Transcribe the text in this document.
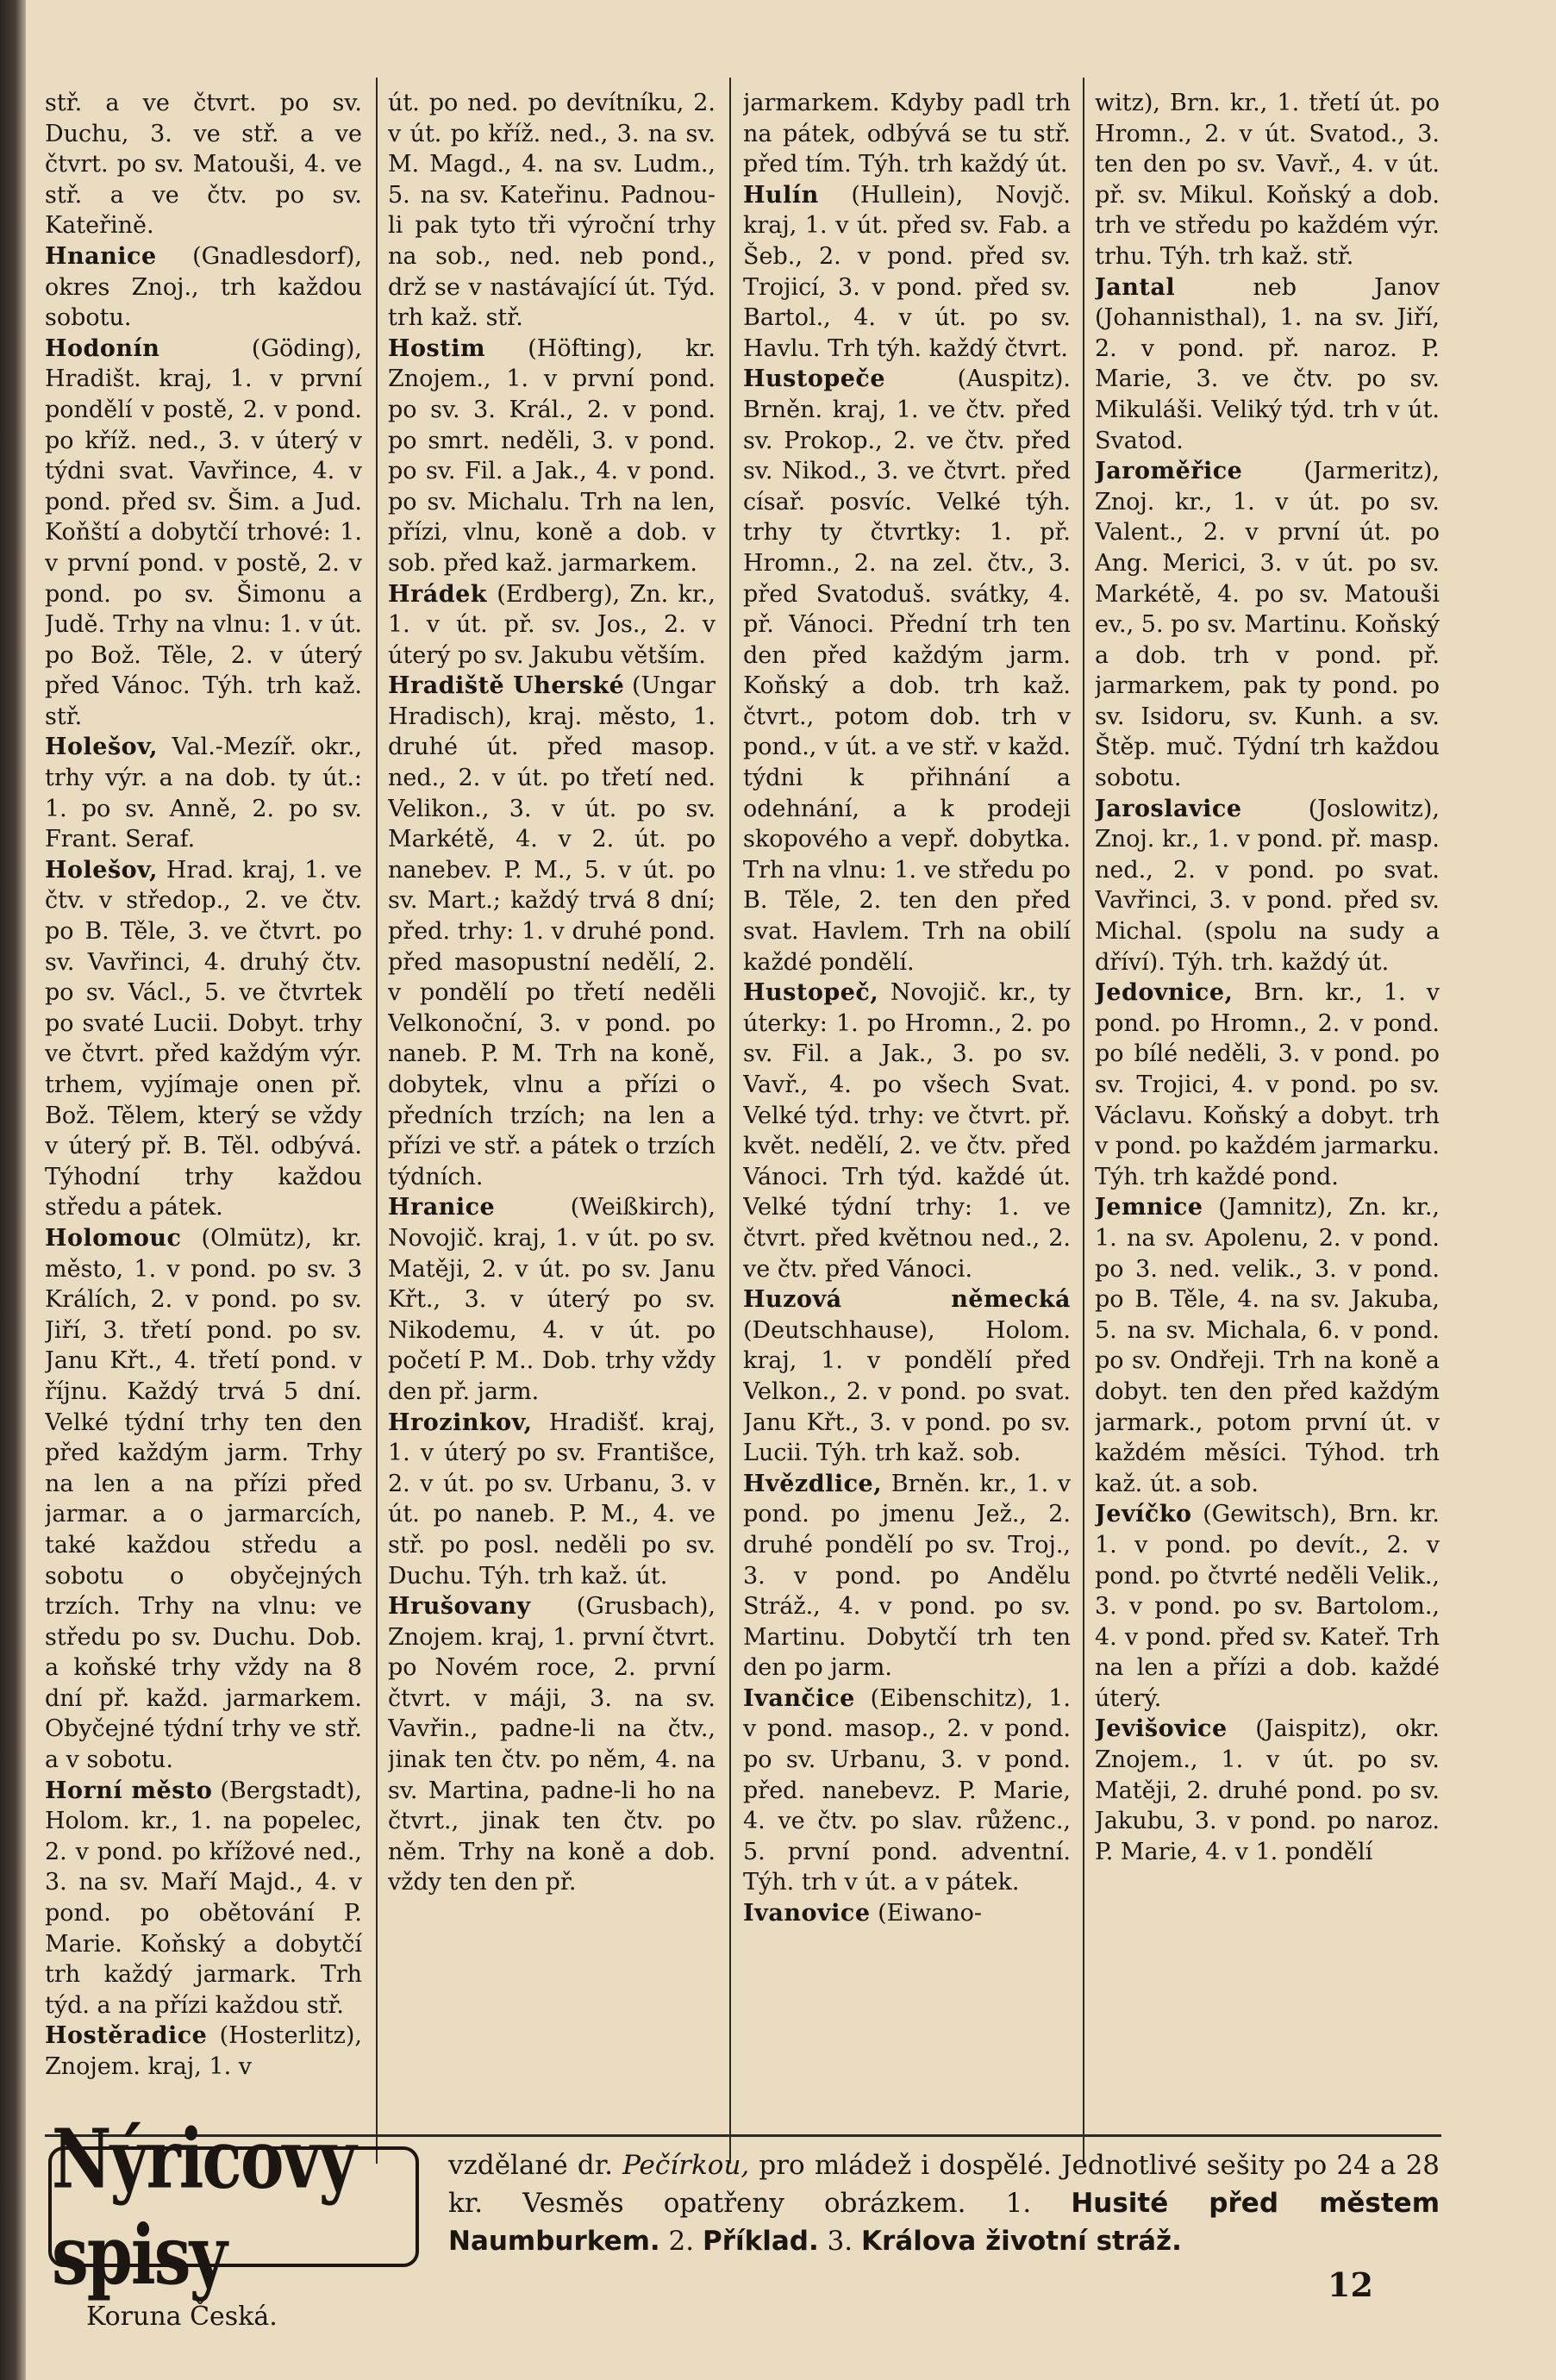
stř. a ve čtvrt. po sv. Duchu, 3. ve stř. a ve čtvrt. po sv. Matouši, 4. ve stř. a ve čtv. po sv. Kateřině.

Hnanice (Gnadlesdorf), okres Znoj., trh každou sobotu.

Hodonín	(Göding), Hradišt. kraj, 1. v první pondělí v postě, 2. v pond. po kříž. ned., 3. v úterý v týdni svat. Vavřince, 4. v pond. před sv. Šim. a Jud. Koňští a dobytčí trhové: 1. v první pond. v postě, 2. v pond. po sv. Šimonu a Judě. Trhy na vlnu: 1. v út. po Bož. Těle, 2. v úterý před Vánoc. Týh. trh kaž. stř.

Holešov, Val.-Mezíř. okr., trhy výr. a na dob. ty út.: 1. po sv. Anně, 2. po sv. Frant. Seraf.

Holešov, Hrad. kraj, 1. ve čtv. v středop., 2. ve čtv. po B. Těle, 3. ve čtvrt. po sv. Vavřinci, 4. druhý čtv. po sv. Václ., 5. ve čtvrtek po svaté Lucii. Dobyt. trhy ve čtvrt. před každým výr. trhem, vyjímaje onen př. Bož. Tělem, který se vždy v úterý př. B. Těl. odbývá. Týhodní trhy každou středu a pátek.

Holomouc (Olmütz), kr. město, 1. v pond. po sv. 3 Králích, 2. v pond. po sv. Jiří, 3. třetí pond. po sv. Janu Křt., 4. třetí pond. v říjnu. Každý trvá 5 dní. Velké týdní trhy ten den před každým jarm. Trhy na len a na přízi před jarmar. a o jarmarcích, také každou středu a sobotu o obyčejných trzích. Trhy na vlnu: ve středu po sv. Duchu. Dob. a koňské trhy vždy na 8 dní př. každ. jarmarkem. Obyčejné týdní trhy ve stř. a v sobotu.

Horní město (Bergstadt), Holom. kr., 1. na popelec, 2. v pond. po křížové ned., 3. na sv. Maří Majd., 4. v pond. po obětování P. Marie. Koňský a dobytčí trh každý jarmark. Trh týd. a na přízi každou stř.

Hostěradice (Hosterlitz), Znojem. kraj, 1. v

út. po ned. po devítníku, 2. v út. po kříž. ned., 3. na sv. M. Magd., 4. na sv. Ludm., 5. na sv. Kateřinu. Padnou-li pak tyto tři výroční trhy na sob., ned. neb pond., drž se v nastávající út. Týd. trh kaž. stř.

Hostim (Höfting), kr. Znojem., 1. v první pond. po sv. 3. Král., 2. v pond. po smrt. neděli, 3. v pond. po sv. Fil. a Jak., 4. v pond. po sv. Michalu. Trh na len, přízi, vlnu, koně a dob. v sob. před kaž. jarmarkem.

Hrádek (Erdberg), Zn. kr., 1. v út. př. sv. Jos., 2. v úterý po sv. Jakubu větším.

Hradiště Uherské (Ungar Hradisch), kraj. město, 1. druhé út. před masop. ned., 2. v út. po třetí ned. Velikon., 3. v út. po sv. Markétě, 4. v 2. út. po nanebev. P. M., 5. v út. po sv. Mart.; každý trvá 8 dní; před. trhy: 1. v druhé pond. před masopustní nedělí, 2. v pondělí po třetí neděli Velkonoční, 3. v pond. po naneb. P. M. Trh na koně, dobytek, vlnu a přízi o předních trzích; na len a přízi ve stř. a pátek o trzích týdních.

Hranice	(Weißkirch), Novojič. kraj, 1. v út. po sv. Matěji, 2. v út. po sv. Janu Křt., 3. v úterý po sv. Nikodemu, 4. v út. po početí P. M.. Dob. trhy vždy den př. jarm.

Hrozinkov, Hradišť. kraj, 1. v úterý po sv. Františce, 2. v út. po sv. Urbanu, 3. v út. po naneb. P. M., 4. ve stř. po posl. neděli po sv. Duchu. Týh. trh kaž. út.

Hrušovany (Grusbach), Znojem. kraj, 1. první čtvrt. po Novém roce, 2. první čtvrt. v máji, 3. na sv. Vavřin., padne-li na čtv., jinak ten čtv. po něm, 4. na sv. Martina, padne-li ho na čtvrt., jinak ten čtv. po něm. Trhy na koně a dob. vždy ten den př.

jarmarkem. Kdyby padl trh na pátek, odbývá se tu stř. před tím. Týh. trh každý út.

Hulín (Hullein), Novjč. kraj, 1. v út. před sv. Fab. a Šeb., 2. v pond. před sv. Trojicí, 3. v pond. před sv. Bartol., 4. v út. po sv. Havlu. Trh týh. každý čtvrt.

Hustopeče	(Auspitz). Brněn. kraj, 1. ve čtv. před sv. Prokop., 2. ve čtv. před sv. Nikod., 3. ve čtvrt. před císař. posvíc. Velké týh. trhy ty čtvrtky: 1. př. Hromn., 2. na zel. čtv., 3. před Svatoduš. svátky, 4. př. Vánoci. Přední trh ten den před každým jarm. Koňský a dob. trh kaž. čtvrt., potom dob. trh v pond., v út. a ve stř. v každ. týdni k přihnání a odehnání, a k prodeji skopového a vepř. dobytka. Trh na vlnu: 1. ve středu po B. Těle, 2. ten den před svat. Havlem. Trh na obilí každé pondělí.

Hustopeč, Novojič. kr., ty úterky: 1. po Hromn., 2. po sv. Fil. a Jak., 3. po sv. Vavř., 4. po všech Svat. Velké týd. trhy: ve čtvrt. př. květ. nedělí, 2. ve čtv. před Vánoci. Trh týd. každé út. Velké týdní trhy: 1. ve čtvrt. před květnou ned., 2. ve čtv. před Vánoci.

Huzová německá (Deutschhause), Holom. kraj, 1. v pondělí před Velkon., 2. v pond. po svat. Janu Křt., 3. v pond. po sv. Lucii. Týh. trh kaž. sob.

Hvězdlice, Brněn. kr., 1. v pond. po jmenu Jež., 2. druhé pondělí po sv. Troj., 3. v pond. po Andělu Stráž., 4. v pond. po sv. Martinu. Dobytčí trh ten den po jarm.

Ivančice (Eibenschitz), 1. v pond. masop., 2. v pond. po sv. Urbanu, 3. v pond. před. nanebevz. P. Marie, 4. ve čtv. po slav. růženc., 5. první pond. adventní. Týh. trh v út. a v pátek.

Ivanovice (Eiwano-

witz), Brn. kr., 1. třetí út. po Hromn., 2. v út. Svatod., 3. ten den po sv. Vavř., 4. v út. př. sv. Mikul. Koňský a dob. trh ve středu po každém výr. trhu. Týh. trh kaž. stř.

Jantal	neb Janov (Johannisthal), 1. na sv. Jiří, 2. v pond. př. naroz. P. Marie, 3. ve čtv. po sv. Mikuláši. Veliký týd. trh v út. Svatod.

Jaroměřice	(Jarmeritz), Znoj. kr., 1. v út. po sv. Valent., 2. v první út. po Ang. Merici, 3. v út. po sv. Markétě, 4. po sv. Matouši ev., 5. po sv. Martinu. Koňský a dob. trh v pond. př. jarmarkem, pak ty pond. po sv. Isidoru, sv. Kunh. a sv. Štěp. muč. Týdní trh každou sobotu.

Jaroslavice	(Joslowitz), Znoj. kr., 1. v pond. př. masp. ned., 2. v pond. po svat. Vavřinci, 3. v pond. před sv. Michal. (spolu na sudy a dříví). Týh. trh. každý út.

Jedovnice, Brn. kr., 1. v pond. po Hromn., 2. v pond. po bílé neděli, 3. v pond. po sv. Trojici, 4. v pond. po sv. Václavu. Koňský a dobyt. trh v pond. po každém jarmarku. Týh. trh každé pond.

Jemnice (Jamnitz), Zn. kr., 1. na sv. Apolenu, 2. v pond. po 3. ned. velik., 3. v pond. po B. Těle, 4. na sv. Jakuba, 5. na sv. Michala, 6. v pond. po sv. Ondřeji. Trh na koně a dobyt. ten den před každým jarmark., potom první út. v každém měsíci. Týhod. trh kaž. út. a sob.

Jevíčko (Gewitsch), Brn. kr. 1. v pond. po devít., 2. v pond. po čtvrté neděli Velik., 3. v pond. po sv. Bartolom., 4. v pond. před sv. Kateř. Trh na len a přízi a dob. každé úterý.

Jevišovice (Jaispitz), okr. Znojem., 1. v út. po sv. Matěji, 2. druhé pond. po sv. Jakubu, 3. v pond. po naroz. P. Marie, 4. v 1. pondělí

Nýricovy spisy
Koruna Česká.
vzdělané dr. Pečírkou, pro mládež i dospělé. Jednotlivé sešity po 24 a 28 kr. Vesměs opatřeny obrázkem. 1. Husité před městem Naumburkem. 2. Příklad. 3. Králova životní stráž.
12
